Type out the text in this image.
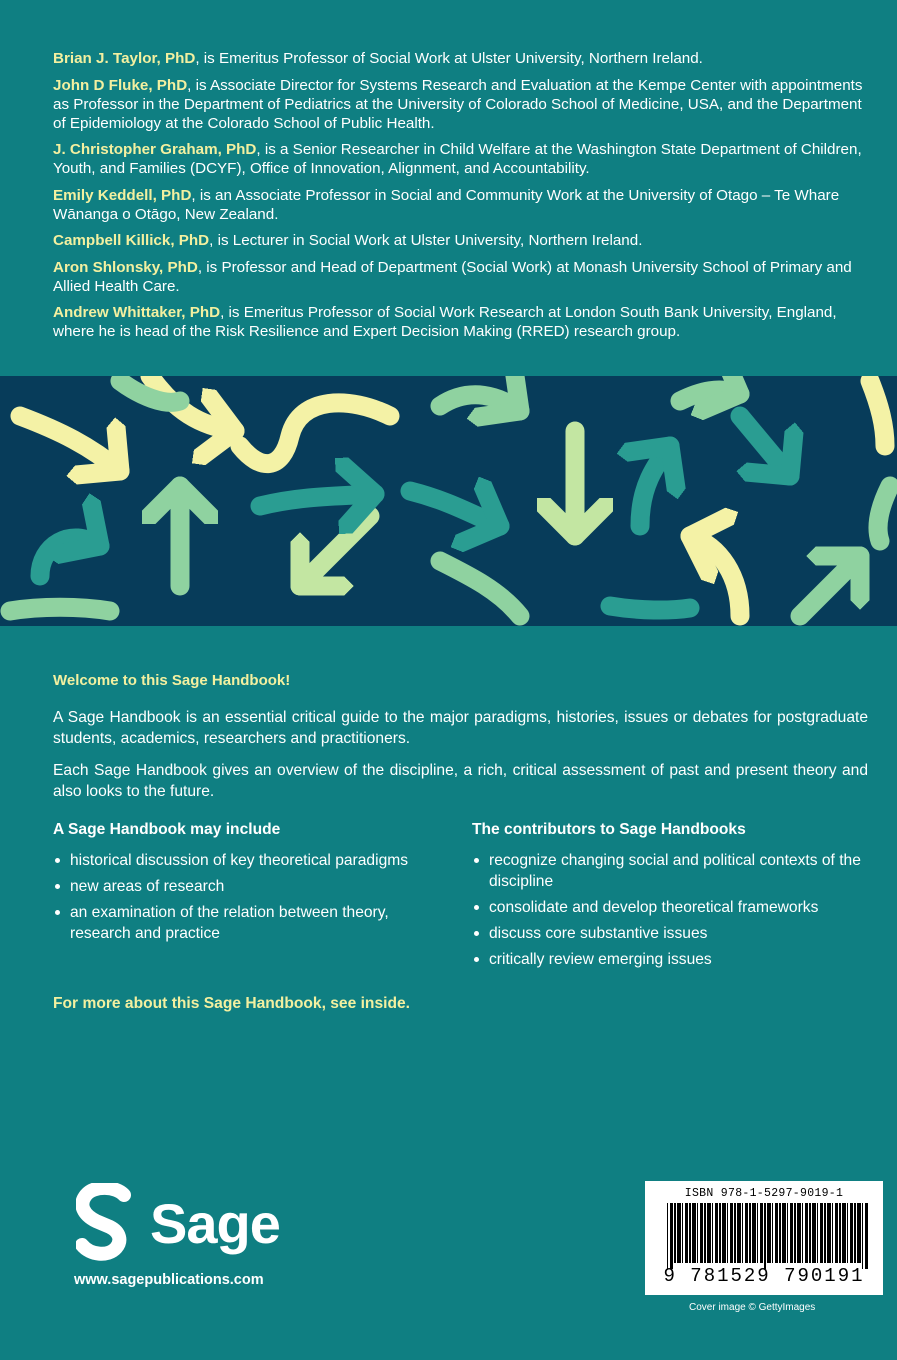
Brian J. Taylor, PhD, is Emeritus Professor of Social Work at Ulster University, Northern Ireland.

John D Fluke, PhD, is Associate Director for Systems Research and Evaluation at the Kempe Center with appointments as Professor in the Department of Pediatrics at the University of Colorado School of Medicine, USA, and the Department of Epidemiology at the Colorado School of Public Health.

J. Christopher Graham, PhD, is a Senior Researcher in Child Welfare at the Washington State Department of Children, Youth, and Families (DCYF), Office of Innovation, Alignment, and Accountability.

Emily Keddell, PhD, is an Associate Professor in Social and Community Work at the University of Otago – Te Whare Wānanga o Otāgo, New Zealand.

Campbell Killick, PhD, is Lecturer in Social Work at Ulster University, Northern Ireland.

Aron Shlonsky, PhD, is Professor and Head of Department (Social Work) at Monash University School of Primary and Allied Health Care.

Andrew Whittaker, PhD, is Emeritus Professor of Social Work Research at London South Bank University, England, where he is head of the Risk Resilience and Expert Decision Making (RRED) research group.

Welcome to this Sage Handbook!

A Sage Handbook is an essential critical guide to the major paradigms, histories, issues or debates for postgraduate students, academics, researchers and practitioners.

Each Sage Handbook gives an overview of the discipline, a rich, critical assessment of past and present theory and also looks to the future.

A Sage Handbook may include

historical discussion of key theoretical paradigms
new areas of research
an examination of the relation between theory, research and practice

The contributors to Sage Handbooks

recognize changing social and political contexts of the discipline
consolidate and develop theoretical frameworks
discuss core substantive issues
critically review emerging issues
For more about this Sage Handbook, see inside.
Sage
www.sagepublications.com
ISBN 978-1-5297-9019-1
9 781529 790191
Cover image © GettyImages
